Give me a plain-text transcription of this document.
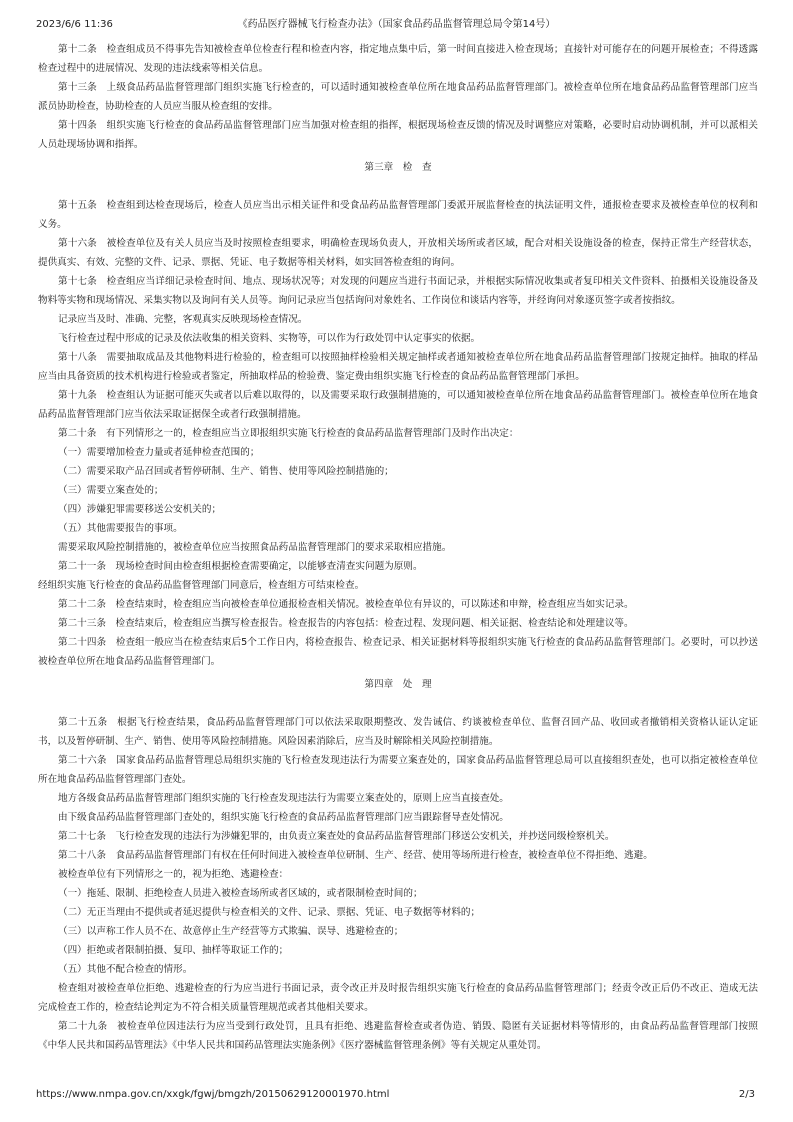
2023/6/6 11:36	《药品医疗器械飞行检查办法》（国家食品药品监督管理总局令第14号）

第十二条　检查组成员不得事先告知被检查单位检查行程和检查内容，指定地点集中后，第一时间直接进入检查现场；直接针对可能存在的问题开展检查；不得透露检查过程中的进展情况、发现的违法线索等相关信息。

第十三条　上级食品药品监督管理部门组织实施飞行检查的，可以适时通知被检查单位所在地食品药品监督管理部门。被检查单位所在地食品药品监督管理部门应当派员协助检查，协助检查的人员应当服从检查组的安排。

第十四条　组织实施飞行检查的食品药品监督管理部门应当加强对检查组的指挥，根据现场检查反馈的情况及时调整应对策略，必要时启动协调机制，并可以派相关人员赴现场协调和指挥。

第三章　检　查

第十五条　检查组到达检查现场后，检查人员应当出示相关证件和受食品药品监督管理部门委派开展监督检查的执法证明文件，通报检查要求及被检查单位的权利和义务。

第十六条　被检查单位及有关人员应当及时按照检查组要求，明确检查现场负责人，开放相关场所或者区域，配合对相关设施设备的检查，保持正常生产经营状态，提供真实、有效、完整的文件、记录、票据、凭证、电子数据等相关材料，如实回答检查组的询问。

第十七条　检查组应当详细记录检查时间、地点、现场状况等；对发现的问题应当进行书面记录，并根据实际情况收集或者复印相关文件资料、拍摄相关设施设备及物料等实物和现场情况、采集实物以及询问有关人员等。询问记录应当包括询问对象姓名、工作岗位和谈话内容等，并经询问对象逐页签字或者按指纹。

记录应当及时、准确、完整，客观真实反映现场检查情况。

飞行检查过程中形成的记录及依法收集的相关资料、实物等，可以作为行政处罚中认定事实的依据。

第十八条　需要抽取成品及其他物料进行检验的，检查组可以按照抽样检验相关规定抽样或者通知被检查单位所在地食品药品监督管理部门按规定抽样。抽取的样品应当由具备资质的技术机构进行检验或者鉴定，所抽取样品的检验费、鉴定费由组织实施飞行检查的食品药品监督管理部门承担。

第十九条　检查组认为证据可能灭失或者以后难以取得的，以及需要采取行政强制措施的，可以通知被检查单位所在地食品药品监督管理部门。被检查单位所在地食品药品监督管理部门应当依法采取证据保全或者行政强制措施。

第二十条　有下列情形之一的，检查组应当立即报组织实施飞行检查的食品药品监督管理部门及时作出决定：

（一）需要增加检查力量或者延伸检查范围的；

（二）需要采取产品召回或者暂停研制、生产、销售、使用等风险控制措施的；

（三）需要立案查处的；

（四）涉嫌犯罪需要移送公安机关的；

（五）其他需要报告的事项。

需要采取风险控制措施的，被检查单位应当按照食品药品监督管理部门的要求采取相应措施。

第二十一条　现场检查时间由检查组根据检查需要确定，以能够查清查实问题为原则。

经组织实施飞行检查的食品药品监督管理部门同意后，检查组方可结束检查。

第二十二条　检查结束时，检查组应当向被检查单位通报检查相关情况。被检查单位有异议的，可以陈述和申辩，检查组应当如实记录。

第二十三条　检查结束后，检查组应当撰写检查报告。检查报告的内容包括：检查过程、发现问题、相关证据、检查结论和处理建议等。

第二十四条　检查组一般应当在检查结束后5个工作日内，将检查报告、检查记录、相关证据材料等报组织实施飞行检查的食品药品监督管理部门。必要时，可以抄送被检查单位所在地食品药品监督管理部门。

第四章　处　理

第二十五条　根据飞行检查结果，食品药品监督管理部门可以依法采取限期整改、发告诫信、约谈被检查单位、监督召回产品、收回或者撤销相关资格认证认定证书，以及暂停研制、生产、销售、使用等风险控制措施。风险因素消除后，应当及时解除相关风险控制措施。

第二十六条　国家食品药品监督管理总局组织实施的飞行检查发现违法行为需要立案查处的，国家食品药品监督管理总局可以直接组织查处，也可以指定被检查单位所在地食品药品监督管理部门查处。

地方各级食品药品监督管理部门组织实施的飞行检查发现违法行为需要立案查处的，原则上应当直接查处。

由下级食品药品监督管理部门查处的，组织实施飞行检查的食品药品监督管理部门应当跟踪督导查处情况。

第二十七条　飞行检查发现的违法行为涉嫌犯罪的，由负责立案查处的食品药品监督管理部门移送公安机关，并抄送同级检察机关。

第二十八条　食品药品监督管理部门有权在任何时间进入被检查单位研制、生产、经营、使用等场所进行检查，被检查单位不得拒绝、逃避。

被检查单位有下列情形之一的，视为拒绝、逃避检查：

（一）拖延、限制、拒绝检查人员进入被检查场所或者区域的，或者限制检查时间的；

（二）无正当理由不提供或者延迟提供与检查相关的文件、记录、票据、凭证、电子数据等材料的；

（三）以声称工作人员不在、故意停止生产经营等方式欺骗、误导、逃避检查的；

（四）拒绝或者限制拍摄、复印、抽样等取证工作的；

（五）其他不配合检查的情形。

检查组对被检查单位拒绝、逃避检查的行为应当进行书面记录，责令改正并及时报告组织实施飞行检查的食品药品监督管理部门；经责令改正后仍不改正、造成无法完成检查工作的，检查结论判定为不符合相关质量管理规范或者其他相关要求。

第二十九条　被检查单位因违法行为应当受到行政处罚，且具有拒绝、逃避监督检查或者伪造、销毁、隐匿有关证据材料等情形的，由食品药品监督管理部门按照《中华人民共和国药品管理法》《中华人民共和国药品管理法实施条例》《医疗器械监督管理条例》等有关规定从重处罚。

https://www.nmpa.gov.cn/xxgk/fgwj/bmgzh/20150629120001970.html	2/3
